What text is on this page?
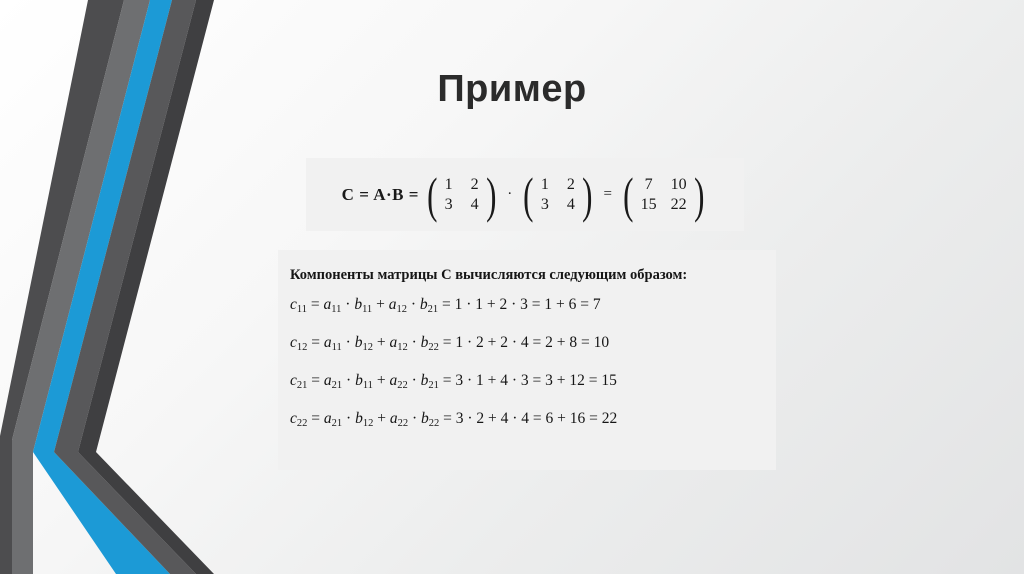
Пример
C = A·B = ( 1 2
3 4 ) · ( 1 2
3 4 ) = ( 7 10
15 22 )
Компоненты матрицы C вычисляются следующим образом:
$c_{11} = a_{11} \cdot b_{11} + a_{12} \cdot b_{21} = 1 \cdot 1 + 2 \cdot 3 = 1 + 6 = 7$
$c_{12} = a_{11} \cdot b_{12} + a_{12} \cdot b_{22} = 1 \cdot 2 + 2 \cdot 4 = 2 + 8 = 10$
$c_{21} = a_{21} \cdot b_{11} + a_{22} \cdot b_{21} = 3 \cdot 1 + 4 \cdot 3 = 3 + 12 = 15$
$c_{22} = a_{21} \cdot b_{12} + a_{22} \cdot b_{22} = 3 \cdot 2 + 4 \cdot 4 = 6 + 16 = 22$
